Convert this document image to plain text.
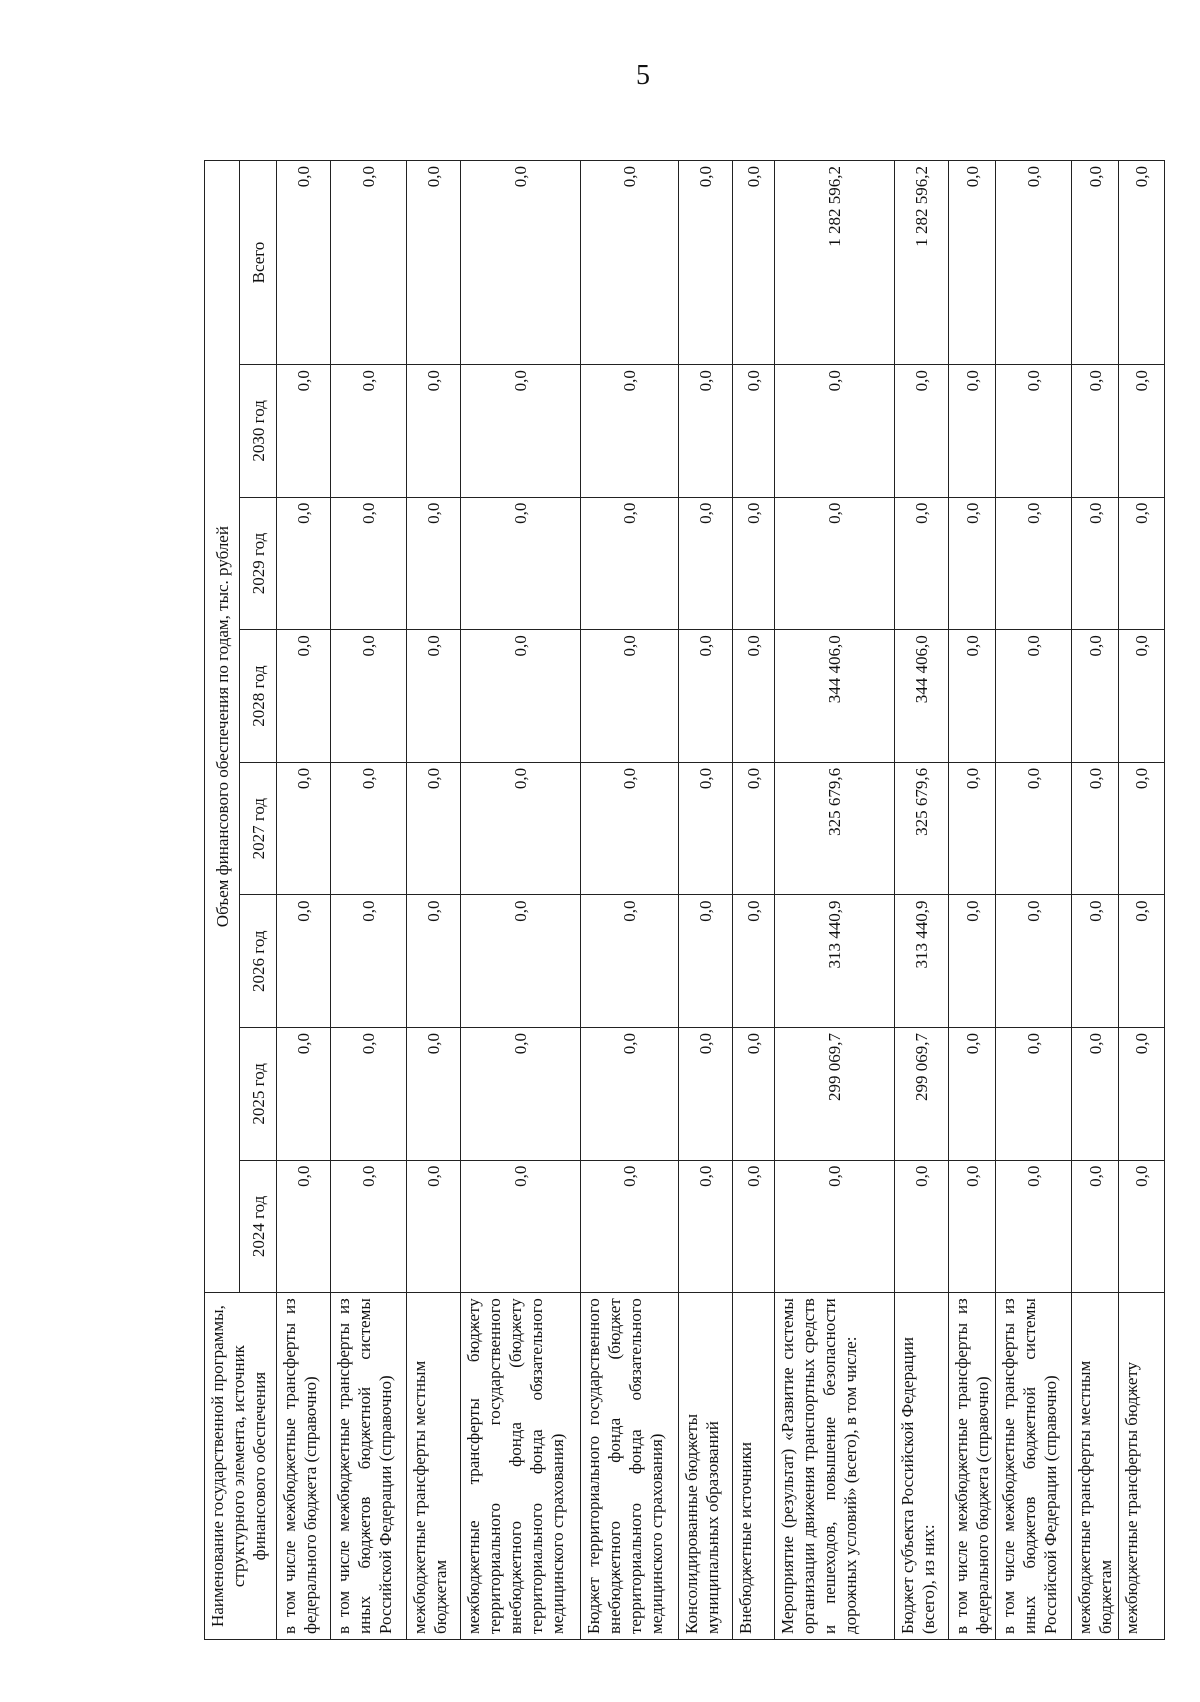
5
Наименование государственной программы, структурного элемента, источник финансового обеспечения	Объем финансового обеспечения по годам, тыс. рублей							
	2024 год	2025 год	2026 год	2027 год	2028 год	2029 год	2030 год	Всего
в том числе межбюджетные трансферты из федерального бюджета (справочно)	0,0	0,0	0,0	0,0	0,0	0,0	0,0	0,0
в том числе межбюджетные трансферты из иных бюджетов бюджетной системы Российской Федерации (справочно)	0,0	0,0	0,0	0,0	0,0	0,0	0,0	0,0
межбюджетные трансферты местным бюджетам	0,0	0,0	0,0	0,0	0,0	0,0	0,0	0,0
межбюджетные трансферты бюджету территориального государственного внебюджетного фонда (бюджету территориального фонда обязательного медицинского страхования)	0,0	0,0	0,0	0,0	0,0	0,0	0,0	0,0
Бюджет территориального государственного внебюджетного фонда (бюджет территориального фонда обязательного медицинского страхования)	0,0	0,0	0,0	0,0	0,0	0,0	0,0	0,0
Консолидированные бюджеты муниципальных образований	0,0	0,0	0,0	0,0	0,0	0,0	0,0	0,0
Внебюджетные источники	0,0	0,0	0,0	0,0	0,0	0,0	0,0	0,0
Мероприятие (результат) «Развитие системы организации движения транспортных средств и пешеходов, повышение безопасности дорожных условий» (всего), в том числе:	0,0	299 069,7	313 440,9	325 679,6	344 406,0	0,0	0,0	1 282 596,2
Бюджет субъекта Российской Федерации (всего), из них:	0,0	299 069,7	313 440,9	325 679,6	344 406,0	0,0	0,0	1 282 596,2
в том числе межбюджетные трансферты из федерального бюджета (справочно)	0,0	0,0	0,0	0,0	0,0	0,0	0,0	0,0
в том числе межбюджетные трансферты из иных бюджетов бюджетной системы Российской Федерации (справочно)	0,0	0,0	0,0	0,0	0,0	0,0	0,0	0,0
межбюджетные трансферты местным бюджетам	0,0	0,0	0,0	0,0	0,0	0,0	0,0	0,0
межбюджетные трансферты бюджету	0,0	0,0	0,0	0,0	0,0	0,0	0,0	0,0
